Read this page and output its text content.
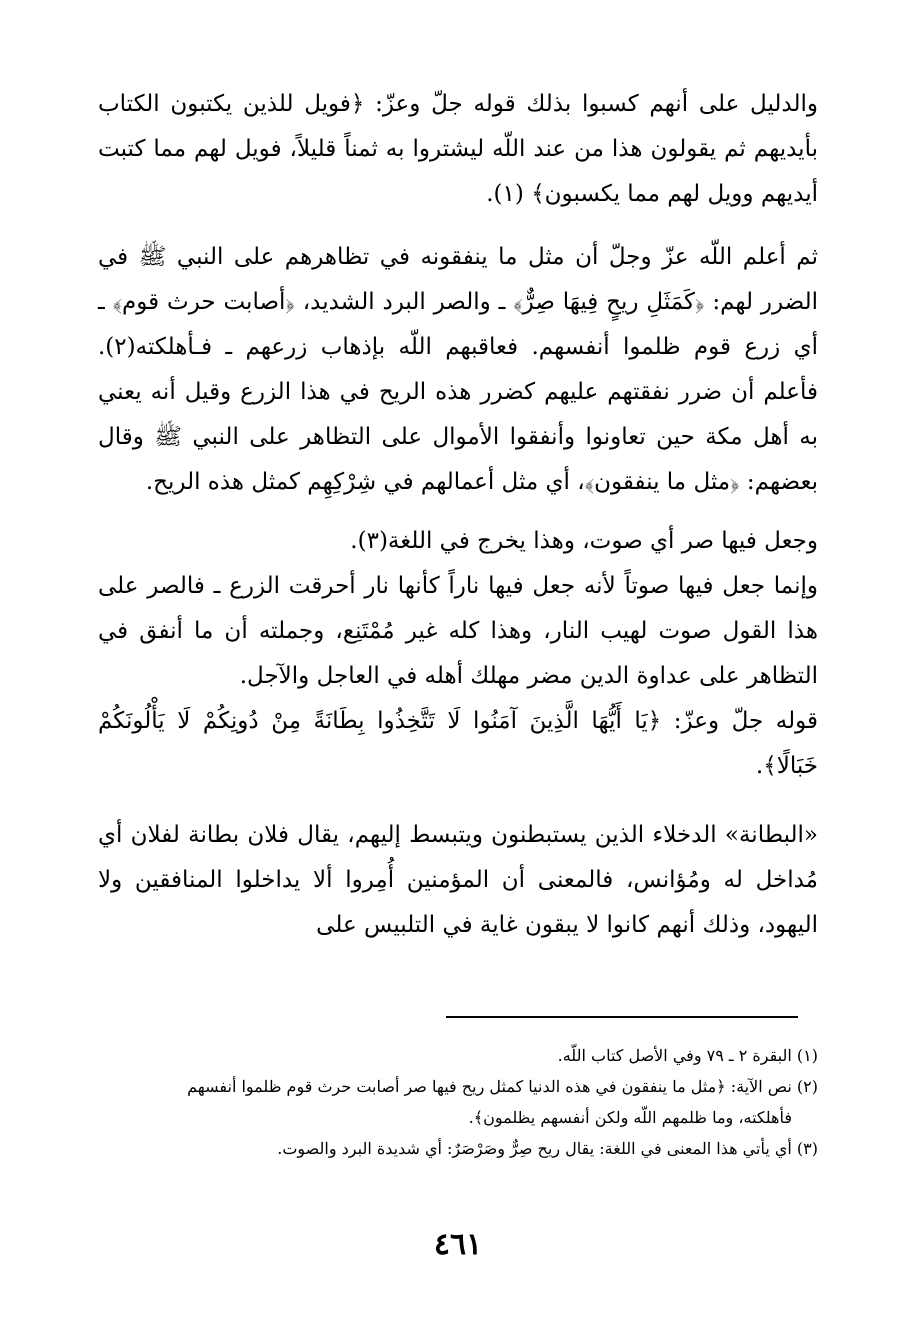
والدليل على أنهم كسبوا بذلك قوله جلّ وعزّ: ﴿فويل للذين يكتبون الكتاب بأيديهم ثم يقولون هذا من عند اللّه ليشتروا به ثمناً قليلاً، فويل لهم مما كتبت أيديهم وويل لهم مما يكسبون﴾ (١).

ثم أعلم اللّه عزّ وجلّ أن مثل ما ينفقونه في تظاهرهم على النبي ﷺ في الضرر لهم: ﴿كَمَثَلِ ريحٍ فِيهَا صِرٌّ﴾ ـ والصر البرد الشديد، ﴿أصابت حرث قوم﴾ ـ أي زرع قوم ظلموا أنفسهم. فعاقبهم اللّه بإذهاب زرعهم ـ فـأهلكته(٢). فأعلم أن ضرر نفقتهم عليهم كضرر هذه الريح في هذا الزرع وقيل أنه يعني به أهل مكة حين تعاونوا وأنفقوا الأموال على التظاهر على النبي ﷺ وقال بعضهم: ﴿مثل ما ينفقون﴾، أي مثل أعمالهم في شِرْكِهِم كمثل هذه الريح.

وجعل فيها صر أي صوت، وهذا يخرج في اللغة(٣).

وإنما جعل فيها صوتاً لأنه جعل فيها ناراً كأنها نار أحرقت الزرع ـ فالصر على هذا القول صوت لهيب النار، وهذا كله غير مُمْتَنِع، وجملته أن ما أنفق في التظاهر على عداوة الدين مضر مهلك أهله في العاجل والآجل.

قوله جلّ وعزّ: ﴿يَا أَيُّهَا الَّذِينَ آمَنُوا لَا تَتَّخِذُوا بِطَانَةً مِنْ دُونِكُمْ لَا يَأْلُونَكُمْ خَبَالًا﴾.

«البطانة» الدخلاء الذين يستبطنون ويتبسط إليهم، يقال فلان بطانة لفلان أي مُداخل له ومُؤانس، فالمعنى أن المؤمنين أُمِروا ألا يداخلوا المنافقين ولا اليهود، وذلك أنهم كانوا لا يبقون غاية في التلبيس على

(١) البقرة ٢ ـ ٧٩ وفي الأصل كتاب اللّه.

(٢) نص الآية: ﴿مثل ما ينفقون في هذه الدنيا كمثل ريح فيها صر أصابت حرث قوم ظلموا أنفسهم

فأهلكته، وما ظلمهم اللّه ولكن أنفسهم يظلمون﴾.

(٣) أي يأتي هذا المعنى في اللغة: يقال ريح صِرٌّ وصَرْصَرٌ: أي شديدة البرد والصوت.

٤٦١
